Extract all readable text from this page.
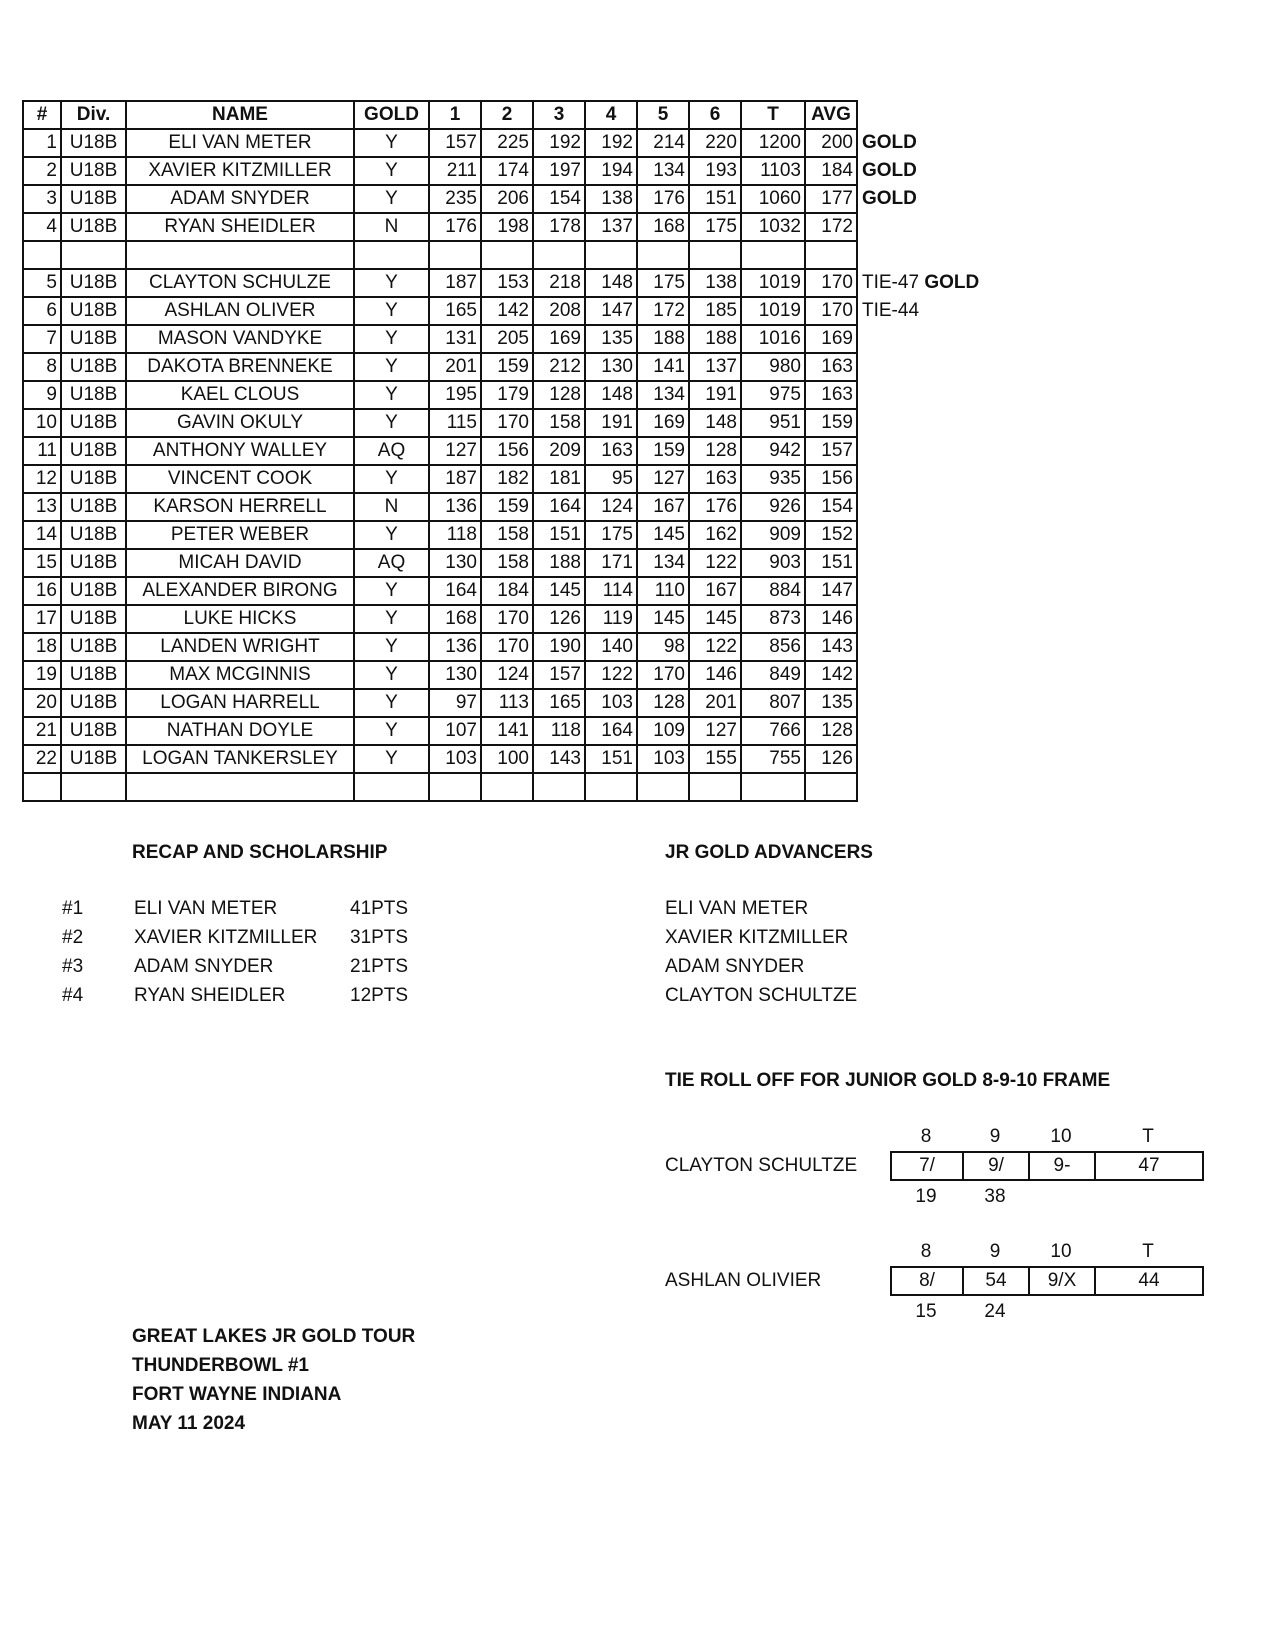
#	Div.	NAME	GOLD	1	2	3	4	5	6	T	AVG	
1	U18B	ELI VAN METER	Y	157	225	192	192	214	220	1200	200	GOLD
2	U18B	XAVIER KITZMILLER	Y	211	174	197	194	134	193	1103	184	GOLD
3	U18B	ADAM SNYDER	Y	235	206	154	138	176	151	1060	177	GOLD
4	U18B	RYAN SHEIDLER	N	176	198	178	137	168	175	1032	172	

5	U18B	CLAYTON SCHULZE	Y	187	153	218	148	175	138	1019	170	TIE-47 GOLD
6	U18B	ASHLAN OLIVER	Y	165	142	208	147	172	185	1019	170	TIE-44
7	U18B	MASON VANDYKE	Y	131	205	169	135	188	188	1016	169	
8	U18B	DAKOTA BRENNEKE	Y	201	159	212	130	141	137	980	163	
9	U18B	KAEL CLOUS	Y	195	179	128	148	134	191	975	163	
10	U18B	GAVIN OKULY	Y	115	170	158	191	169	148	951	159	
11	U18B	ANTHONY WALLEY	AQ	127	156	209	163	159	128	942	157	
12	U18B	VINCENT COOK	Y	187	182	181	95	127	163	935	156	
13	U18B	KARSON HERRELL	N	136	159	164	124	167	176	926	154	
14	U18B	PETER WEBER	Y	118	158	151	175	145	162	909	152	
15	U18B	MICAH DAVID	AQ	130	158	188	171	134	122	903	151	
16	U18B	ALEXANDER BIRONG	Y	164	184	145	114	110	167	884	147	
17	U18B	LUKE HICKS	Y	168	170	126	119	145	145	873	146	
18	U18B	LANDEN WRIGHT	Y	136	170	190	140	98	122	856	143	
19	U18B	MAX MCGINNIS	Y	130	124	157	122	170	146	849	142	
20	U18B	LOGAN HARRELL	Y	97	113	165	103	128	201	807	135	
21	U18B	NATHAN DOYLE	Y	107	141	118	164	109	127	766	128	
22	U18B	LOGAN TANKERSLEY	Y	103	100	143	151	103	155	755	126	

RECAP AND SCHOLARSHIP
#1	ELI VAN METER	41PTS
#2	XAVIER KITZMILLER 31PTS
#3	ADAM SNYDER	21PTS
#4	RYAN SHEIDLER	12PTS
JR GOLD ADVANCERS
ELI VAN METER
XAVIER KITZMILLER
ADAM SNYDER
CLAYTON SCHULTZE
TIE ROLL OFF FOR JUNIOR GOLD 8-9-10 FRAME
8	9	10	T
CLAYTON SCHULTZE	7/	9/	9-	47
19	38
8	9	10	T
ASHLAN OLIVIER	8/	54	9/X	44
15	24
GREAT LAKES JR GOLD TOUR
THUNDERBOWL #1
FORT WAYNE INDIANA
MAY 11 2024
